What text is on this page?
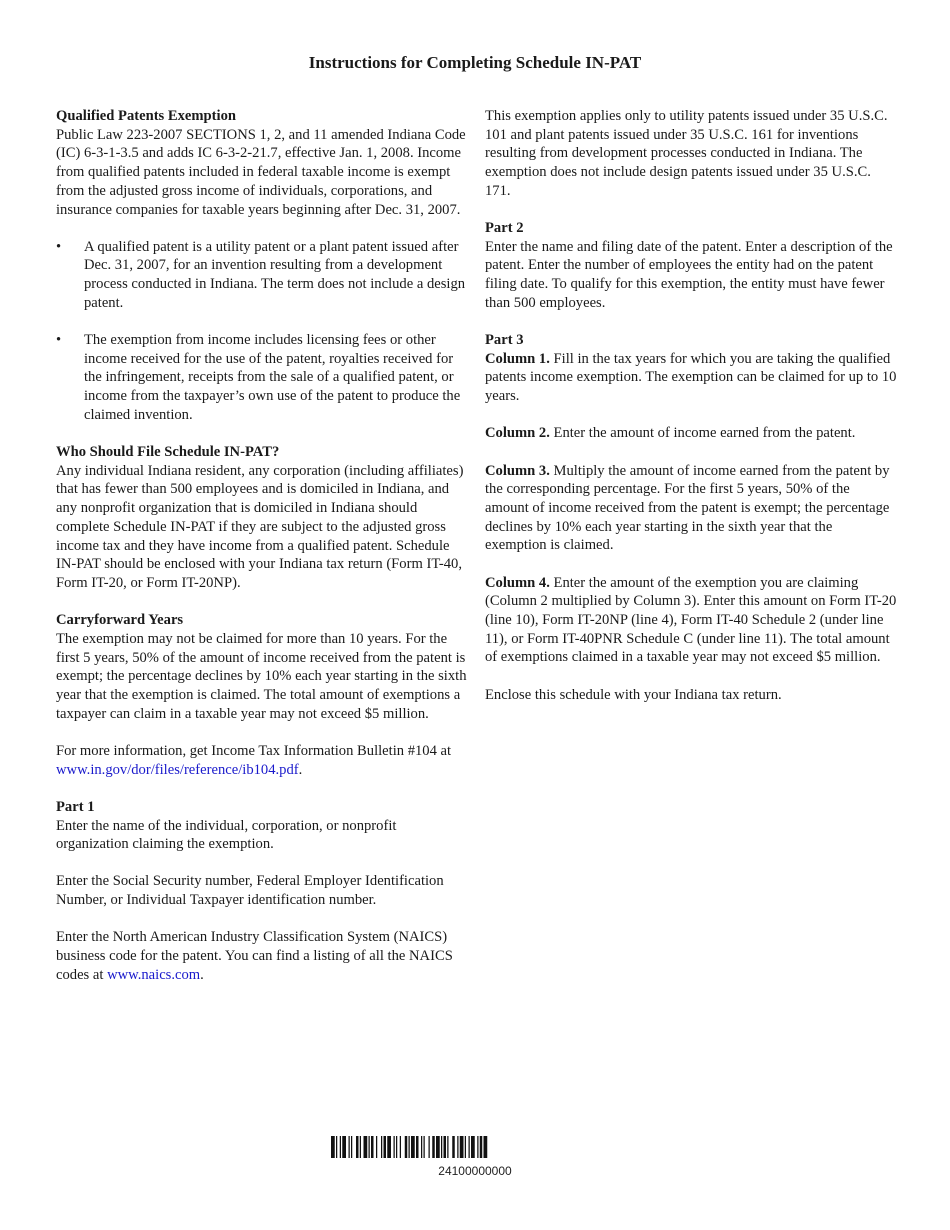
Instructions for Completing Schedule IN-PAT
Qualified Patents Exemption

Public Law 223-2007 SECTIONS 1, 2, and 11 amended Indiana Code (IC) 6-3-1-3.5 and adds IC 6-3-2-21.7, effective Jan. 1, 2008. Income from qualified patents included in federal taxable income is exempt from the adjusted gross income of individuals, corporations, and insurance companies for taxable years beginning after Dec. 31, 2007.

• A qualified patent is a utility patent or a plant patent issued after Dec. 31, 2007, for an invention resulting from a development process conducted in Indiana. The term does not include a design patent.
• The exemption from income includes licensing fees or other income received for the use of the patent, royalties received for the infringement, receipts from the sale of a qualified patent, or income from the taxpayer’s own use of the patent to produce the claimed invention.
Who Should File Schedule IN-PAT?

Any individual Indiana resident, any corporation (including affiliates) that has fewer than 500 employees and is domiciled in Indiana, and any nonprofit organization that is domiciled in Indiana should complete Schedule IN-PAT if they are subject to the adjusted gross income tax and they have income from a qualified patent. Schedule IN-PAT should be enclosed with your Indiana tax return (Form IT-40, Form IT-20, or Form IT-20NP).

Carryforward Years

The exemption may not be claimed for more than 10 years. For the first 5 years, 50% of the amount of income received from the patent is exempt; the percentage declines by 10% each year starting in the sixth year that the exemption is claimed. The total amount of exemptions a taxpayer can claim in a taxable year may not exceed $5 million.

For more information, get Income Tax Information Bulletin #104 at www.in.gov/dor/files/reference/ib104.pdf.

Part 1

Enter the name of the individual, corporation, or nonprofit organization claiming the exemption.

Enter the Social Security number, Federal Employer Identification Number, or Individual Taxpayer identification number.

Enter the North American Industry Classification System (NAICS) business code for the patent. You can find a listing of all the NAICS codes at www.naics.com.

This exemption applies only to utility patents issued under 35 U.S.C. 101 and plant patents issued under 35 U.S.C. 161 for inventions resulting from development processes conducted in Indiana. The exemption does not include design patents issued under 35 U.S.C. 171.

Part 2

Enter the name and filing date of the patent. Enter a description of the patent. Enter the number of employees the entity had on the patent filing date. To qualify for this exemption, the entity must have fewer than 500 employees.

Part 3

Column 1. Fill in the tax years for which you are taking the qualified patents income exemption. The exemption can be claimed for up to 10 years.

Column 2. Enter the amount of income earned from the patent.

Column 3. Multiply the amount of income earned from the patent by the corresponding percentage. For the first 5 years, 50% of the amount of income received from the patent is exempt; the percentage declines by 10% each year starting in the sixth year that the exemption is claimed.

Column 4. Enter the amount of the exemption you are claiming (Column 2 multiplied by Column 3). Enter this amount on Form IT-20 (line 10), Form IT-20NP (line 4), Form IT-40 Schedule 2 (under line 11), or Form IT-40PNR Schedule C (under line 11). The total amount of exemptions claimed in a taxable year may not exceed $5 million.

Enclose this schedule with your Indiana tax return.

24100000000
